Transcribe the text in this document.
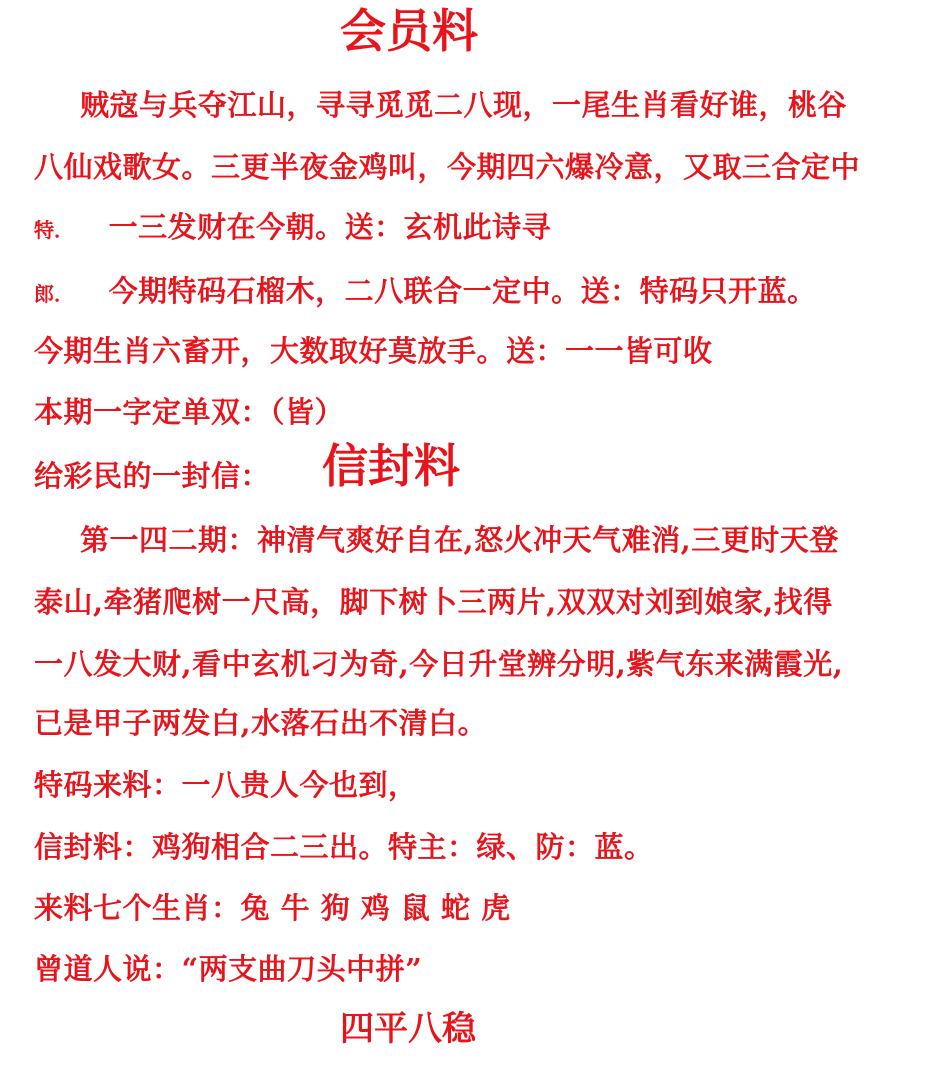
会员料
贼寇与兵夺江山，寻寻觅觅二八现，一尾生肖看好谁，桃谷
八仙戏歌女。三更半夜金鸡叫，今期四六爆冷意，又取三合定中
特． 一三发财在今朝。送：玄机此诗寻
郎． 今期特码石榴木，二八联合一定中。送：特码只开蓝。
今期生肖六畜开，大数取好莫放手。送：一一皆可收
本期一字定单双：（皆）
给彩民的一封信： 信封料
第一四二期：神清气爽好自在,怒火冲天气难消,三更时天登
泰山,牵猪爬树一尺高，脚下树卜三两片,双双对刘到娘家,找得
一八发大财,看中玄机刁为奇,今日升堂辨分明,紫气东来满霞光,
已是甲子两发白,水落石出不清白。
特码来料：一八贵人今也到，
信封料：鸡狗相合二三出。特主：绿、防：蓝。
来料七个生肖：兔 牛 狗 鸡 鼠 蛇 虎
曾道人说：“两支曲刀头中拼”
四平八稳
